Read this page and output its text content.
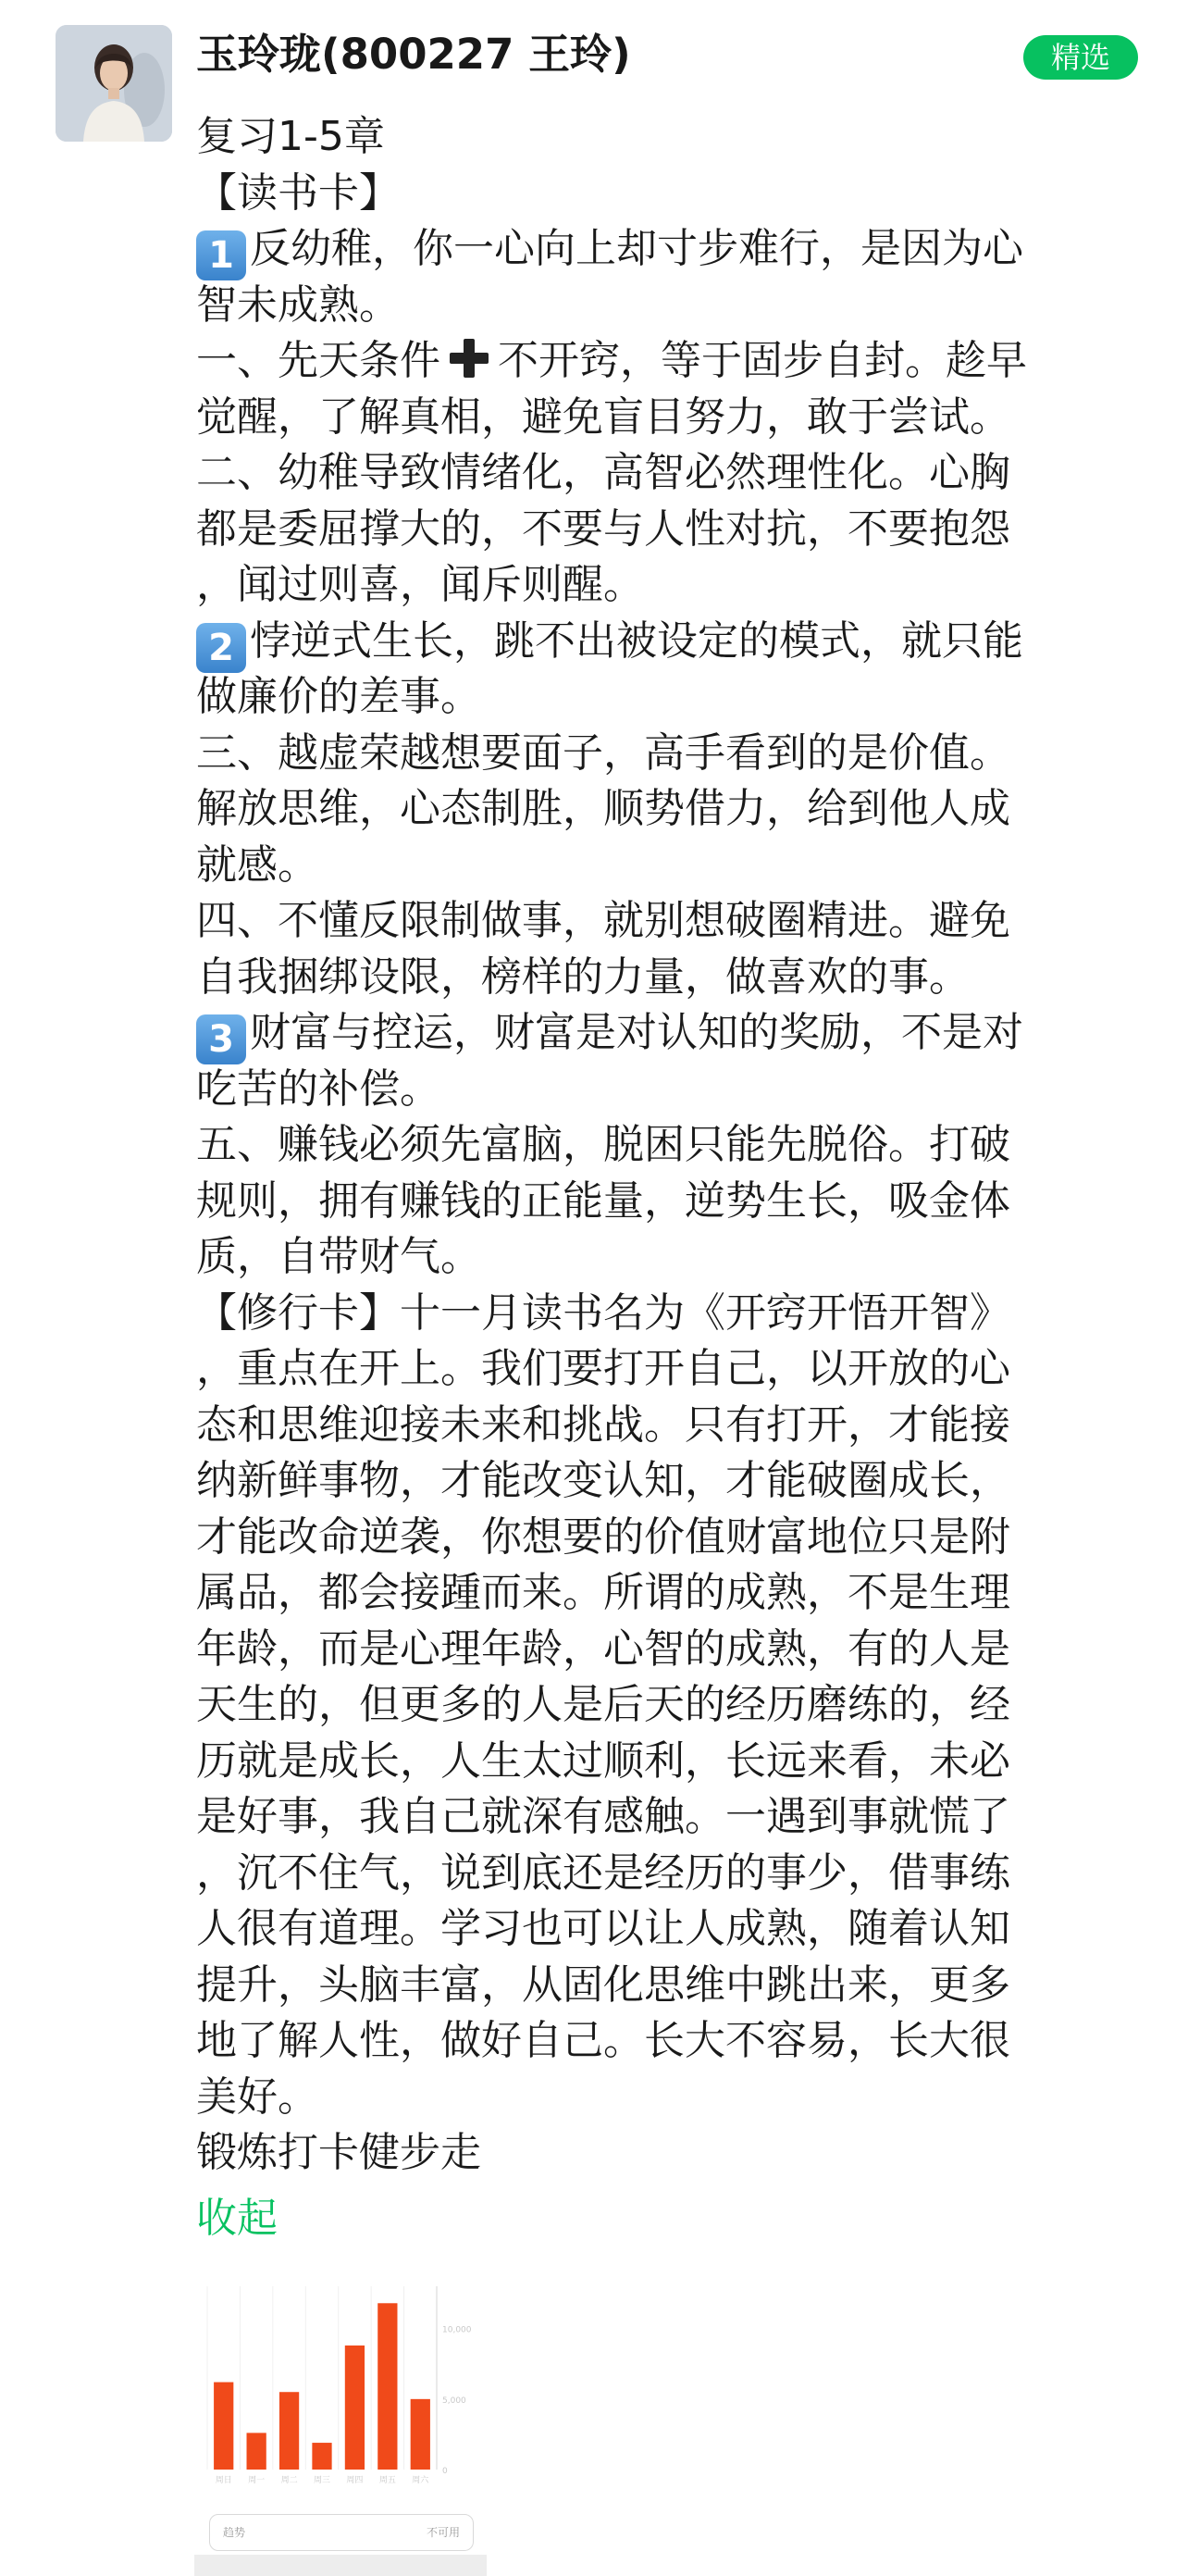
玉玲珑(800227 王玲)	精选
复习1-5章
【读书卡】
1 反幼稚，你一心向上却寸步难行，是因为心
智未成熟。
一、先天条件 不开窍，等于固步自封。趁早
觉醒，了解真相，避免盲目努力，敢于尝试。
二、幼稚导致情绪化，高智必然理性化。心胸
都是委屈撑大的，不要与人性对抗，不要抱怨
，闻过则喜，闻斥则醒。
2 悖逆式生长，跳不出被设定的模式，就只能
做廉价的差事。
三、越虚荣越想要面子，高手看到的是价值。
解放思维，心态制胜，顺势借力，给到他人成
就感。
四、不懂反限制做事，就别想破圈精进。避免
自我捆绑设限，榜样的力量，做喜欢的事。
3 财富与控运，财富是对认知的奖励，不是对
吃苦的补偿。
五、赚钱必须先富脑，脱困只能先脱俗。打破
规则，拥有赚钱的正能量，逆势生长，吸金体
质，自带财气。
【修行卡】十一月读书名为《开窍开悟开智》
，重点在开上。我们要打开自己，以开放的心
态和思维迎接未来和挑战。只有打开，才能接
纳新鲜事物，才能改变认知，才能破圈成长，
才能改命逆袭，你想要的价值财富地位只是附
属品，都会接踵而来。所谓的成熟，不是生理
年龄，而是心理年龄，心智的成熟，有的人是
天生的，但更多的人是后天的经历磨练的，经
历就是成长，人生太过顺利，长远来看，未必
是好事，我自己就深有感触。一遇到事就慌了
，沉不住气，说到底还是经历的事少，借事练
人很有道理。学习也可以让人成熟，随着认知
提升，头脑丰富，从固化思维中跳出来，更多
地了解人性，做好自己。长大不容易，长大很
美好。
锻炼打卡健步走
收起
10,000
5,000
0
周日 周一 周二 周三 周四 周五 周六
趋势	不可用
